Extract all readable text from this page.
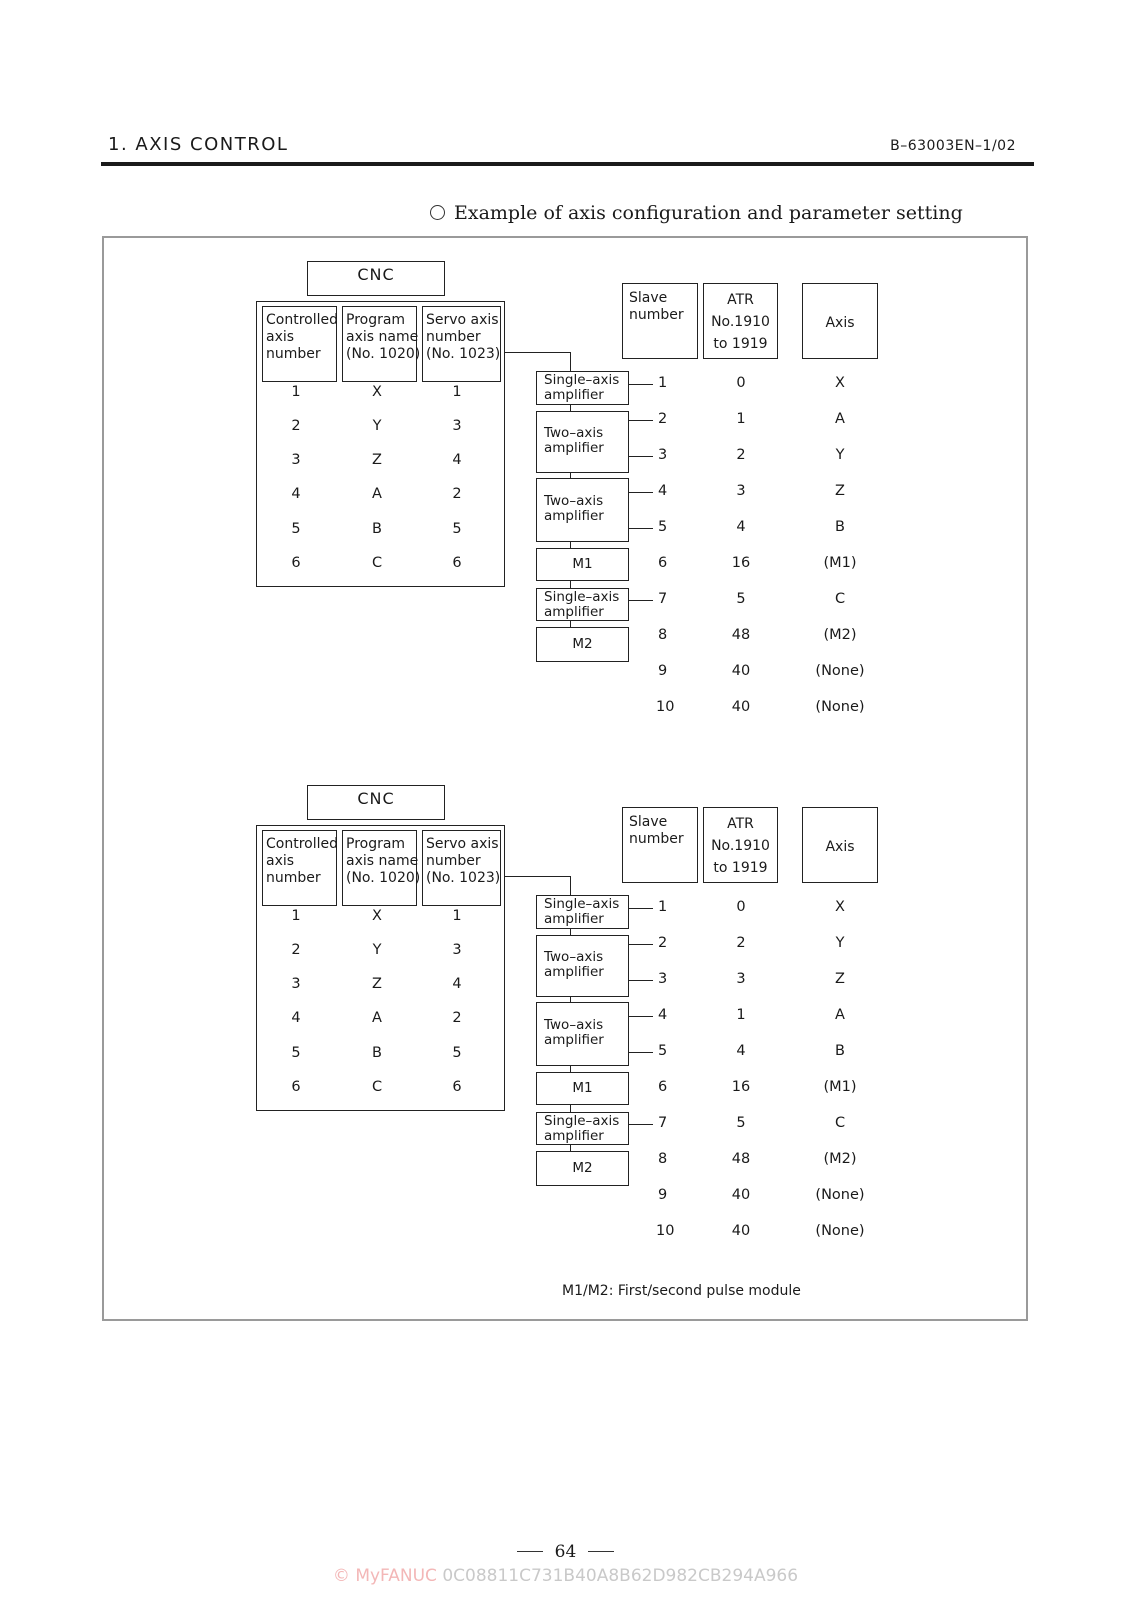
1. AXIS CONTROL	B–63003EN–1/02
Example of axis configuration and parameter setting
CNC
Controlled
axis
number
Program
axis name
(No. 1020)
Servo axis
number
(No. 1023)
1	X	1
2	Y	3
3	Z	4
4	A	2
5	B	5
6	C	6
Single–axis
amplifier
Two–axis
amplifier
Two–axis
amplifier
M1
Single–axis
amplifier
M2
Slave
number
ATR
No.1910
to 1919
Axis
1	0	X
2	1	A
3	2	Y
4	3	Z
5	4	B
6	16	(M1)
7	5	C
8	48	(M2)
9	40	(None)
10	40	(None)
CNC
Controlled
axis
number
Program
axis name
(No. 1020)
Servo axis
number
(No. 1023)
1	X	1
2	Y	3
3	Z	4
4	A	2
5	B	5
6	C	6
Single–axis
amplifier
Two–axis
amplifier
Two–axis
amplifier
M1
Single–axis
amplifier
M2
Slave
number
ATR
No.1910
to 1919
Axis
1	0	X
2	2	Y
3	3	Z
4	1	A
5	4	B
6	16	(M1)
7	5	C
8	48	(M2)
9	40	(None)
10	40	(None)
M1/M2: First/second pulse module
64
© MyFANUC 0C08811C731B40A8B62D982CB294A966
